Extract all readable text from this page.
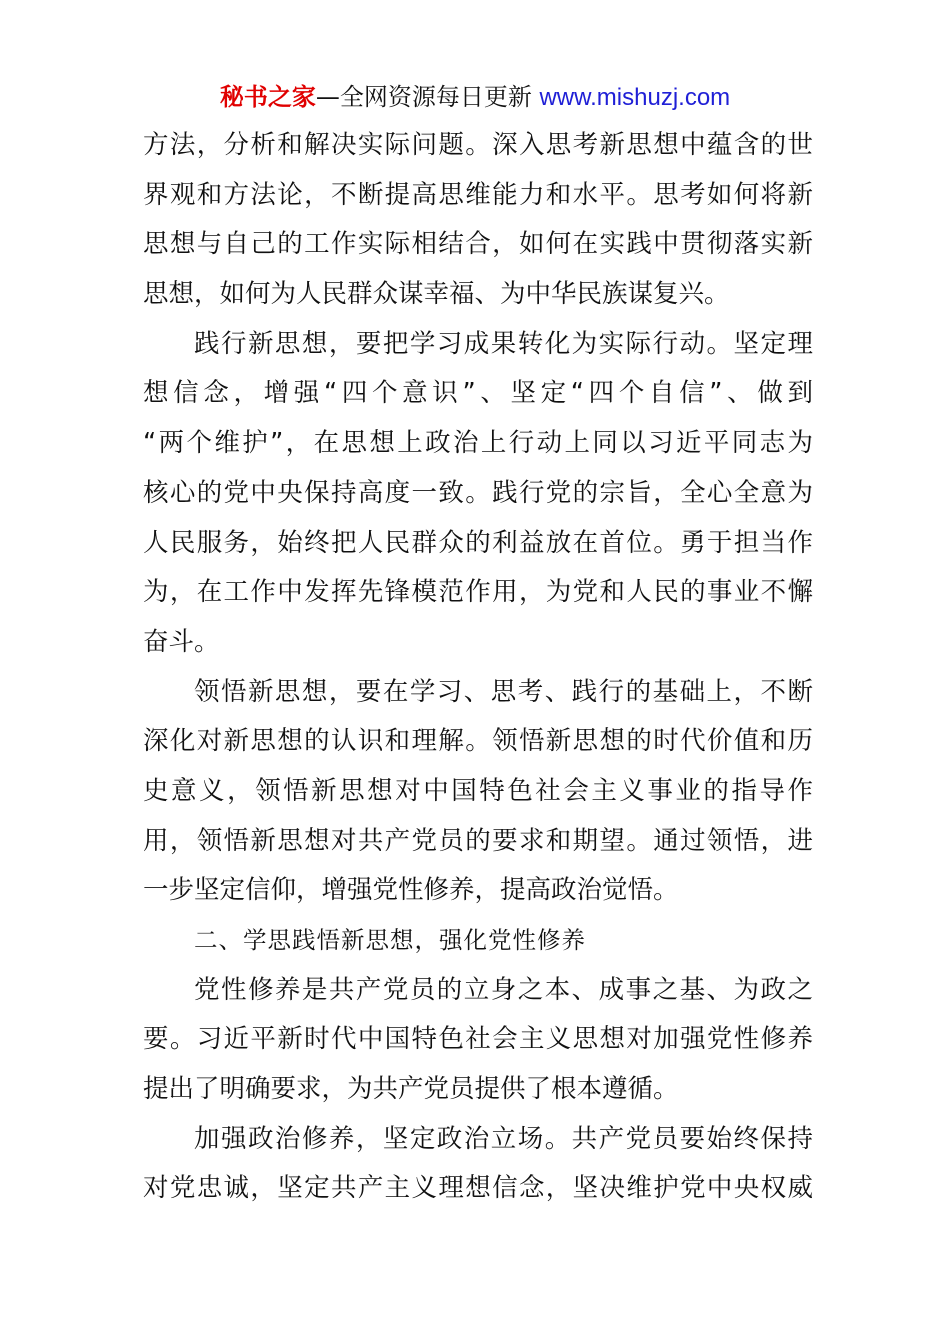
秘书之家—全网资源每日更新 www.mishuzj.com
方法，分析和解决实际问题。深入思考新思想中蕴含的世
界观和方法论，不断提高思维能力和水平。思考如何将新
思想与自己的工作实际相结合，如何在实践中贯彻落实新
思想，如何为人民群众谋幸福、为中华民族谋复兴。
践行新思想，要把学习成果转化为实际行动。坚定理
想信念，增强“四个意识”、坚定“四个自信”、做到
“两个维护”，在思想上政治上行动上同以习近平同志为
核心的党中央保持高度一致。践行党的宗旨，全心全意为
人民服务，始终把人民群众的利益放在首位。勇于担当作
为，在工作中发挥先锋模范作用，为党和人民的事业不懈
奋斗。
领悟新思想，要在学习、思考、践行的基础上，不断
深化对新思想的认识和理解。领悟新思想的时代价值和历
史意义，领悟新思想对中国特色社会主义事业的指导作
用，领悟新思想对共产党员的要求和期望。通过领悟，进
一步坚定信仰，增强党性修养，提高政治觉悟。
二、学思践悟新思想，强化党性修养
党性修养是共产党员的立身之本、成事之基、为政之
要。习近平新时代中国特色社会主义思想对加强党性修养
提出了明确要求，为共产党员提供了根本遵循。
加强政治修养，坚定政治立场。共产党员要始终保持
对党忠诚，坚定共产主义理想信念，坚决维护党中央权威
